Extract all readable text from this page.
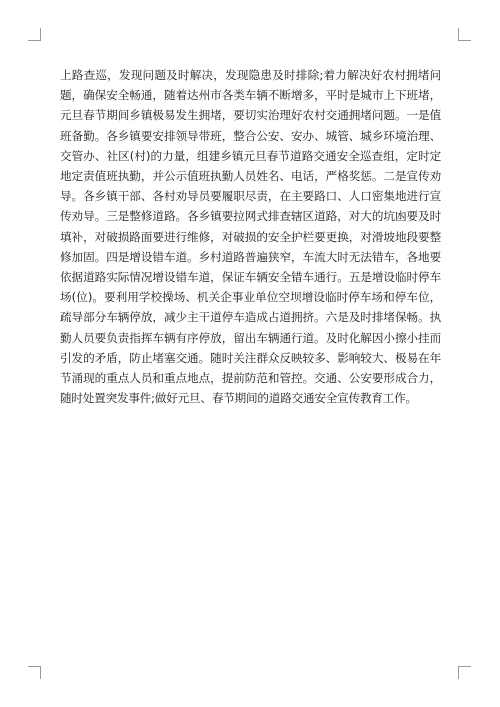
上路查巡，发现问题及时解决，发现隐患及时排除;着力解决好农村拥堵问题，确保安全畅通，随着达州市各类车辆不断增多，平时是城市上下班堵，元旦春节期间乡镇极易发生拥堵，要切实治理好农村交通拥堵问题。一是值班备勤。各乡镇要安排领导带班，整合公安、安办、城管、城乡环境治理、交管办、社区(村)的力量，组建乡镇元旦春节道路交通安全巡查组，定时定地定责值班执勤，并公示值班执勤人员姓名、电话，严格奖惩。二是宣传劝导。各乡镇干部、各村劝导员要履职尽责，在主要路口、人口密集地进行宣传劝导。三是整修道路。各乡镇要拉网式排查辖区道路，对大的坑凼要及时填补，对破损路面要进行维修，对破损的安全护栏要更换，对滑坡地段要整修加固。四是增设错车道。乡村道路普遍狭窄，车流大时无法错车，各地要依据道路实际情况增设错车道，保证车辆安全错车通行。五是增设临时停车场(位)。要利用学校操场、机关企事业单位空坝增设临时停车场和停车位，疏导部分车辆停放，减少主干道停车造成占道拥挤。六是及时排堵保畅。执勤人员要负责指挥车辆有序停放，留出车辆通行道。及时化解因小擦小挂而引发的矛盾，防止堵塞交通。随时关注群众反映较多、影响较大、极易在年节涌现的重点人员和重点地点，提前防范和管控。交通、公安要形成合力，随时处置突发事件;做好元旦、春节期间的道路交通安全宣传教育工作。
